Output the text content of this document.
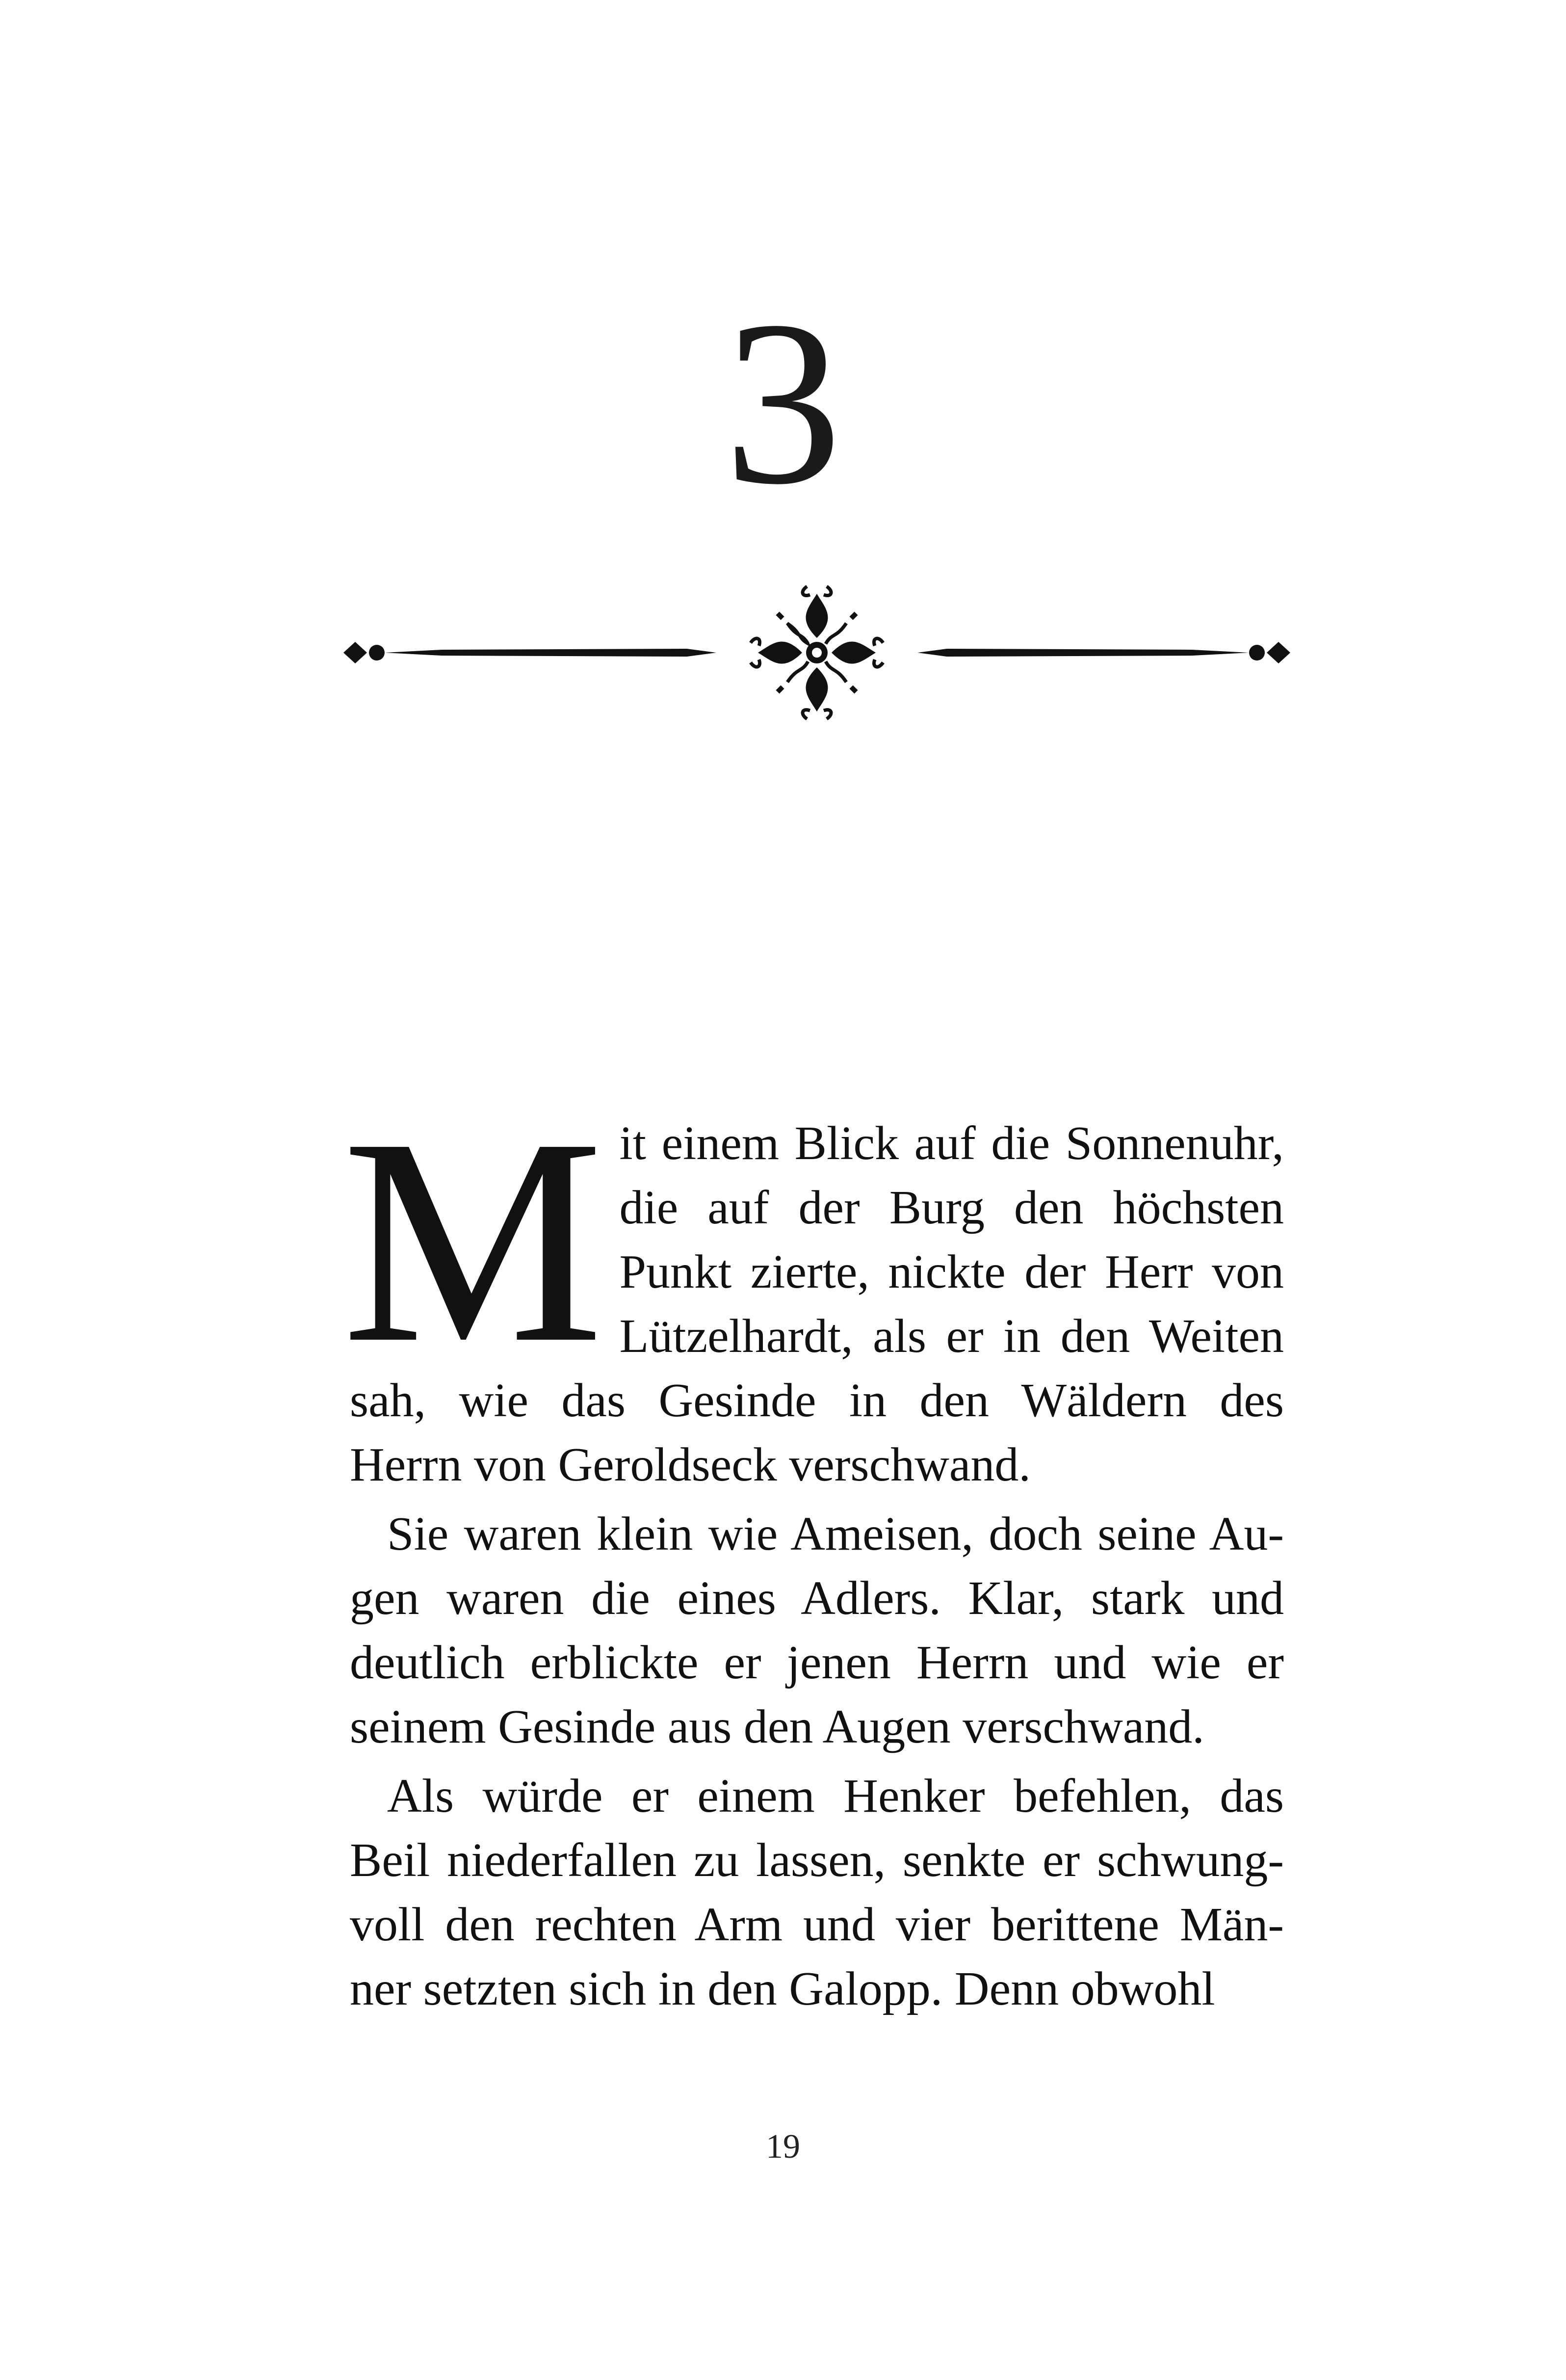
3
M it einem Blick auf die Sonnenuhr,
die auf der Burg den höchsten
Punkt zierte, nickte der Herr von
Lützelhardt, als er in den Weiten
sah, wie das Gesinde in den Wäldern des
Herrn von Geroldseck verschwand.
Sie waren klein wie Ameisen, doch seine Au-
gen waren die eines Adlers. Klar, stark und
deutlich erblickte er jenen Herrn und wie er
seinem Gesinde aus den Augen verschwand.
Als würde er einem Henker befehlen, das
Beil niederfallen zu lassen, senkte er schwung-
voll den rechten Arm und vier berittene Män-
ner setzten sich in den Galopp. Denn obwohl
19
